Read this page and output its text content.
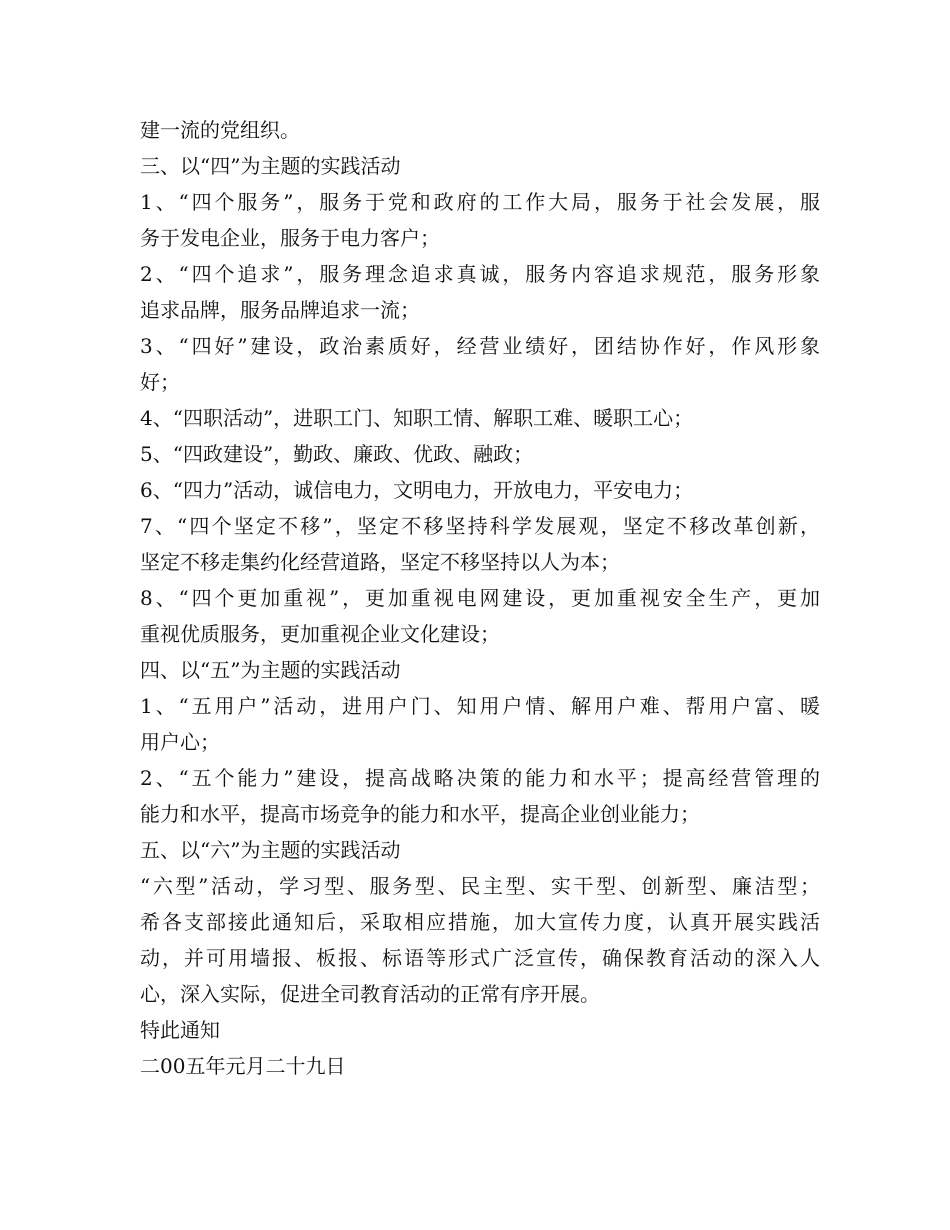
建一流的党组织。
三、以“四”为主题的实践活动
1、“四个服务”，服务于党和政府的工作大局，服务于社会发展，服
务于发电企业，服务于电力客户；
2、“四个追求”，服务理念追求真诚，服务内容追求规范，服务形象
追求品牌，服务品牌追求一流；
3、“四好”建设，政治素质好，经营业绩好，团结协作好，作风形象
好；
4、“四职活动”，进职工门、知职工情、解职工难、暖职工心；
5、“四政建设”，勤政、廉政、优政、融政；
6、“四力”活动，诚信电力，文明电力，开放电力，平安电力；
7、“四个坚定不移”，坚定不移坚持科学发展观，坚定不移改革创新，
坚定不移走集约化经营道路，坚定不移坚持以人为本；
8、“四个更加重视”，更加重视电网建设，更加重视安全生产，更加
重视优质服务，更加重视企业文化建设；
四、以“五”为主题的实践活动
1、“五用户”活动，进用户门、知用户情、解用户难、帮用户富、暖
用户心；
2、“五个能力”建设，提高战略决策的能力和水平；提高经营管理的
能力和水平，提高市场竞争的能力和水平，提高企业创业能力；
五、以“六”为主题的实践活动
“六型”活动，学习型、服务型、民主型、实干型、创新型、廉洁型；
希各支部接此通知后，采取相应措施，加大宣传力度，认真开展实践活
动，并可用墙报、板报、标语等形式广泛宣传，确保教育活动的深入人
心，深入实际，促进全司教育活动的正常有序开展。
特此通知
二00五年元月二十九日
